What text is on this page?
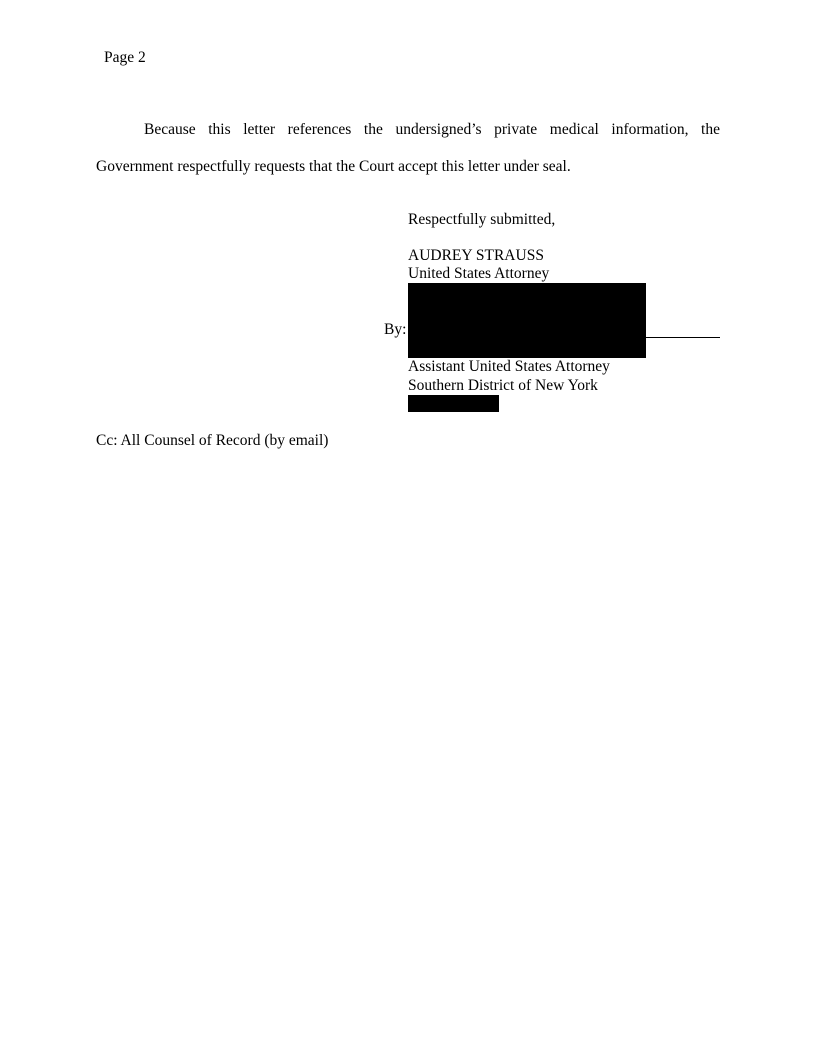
Page 2
Because this letter references the undersigned’s private medical information, the
Government respectfully requests that the Court accept this letter under seal.
Respectfully submitted,
AUDREY STRAUSS
United States Attorney
By:
Assistant United States Attorney
Southern District of New York
Cc: All Counsel of Record (by email)
